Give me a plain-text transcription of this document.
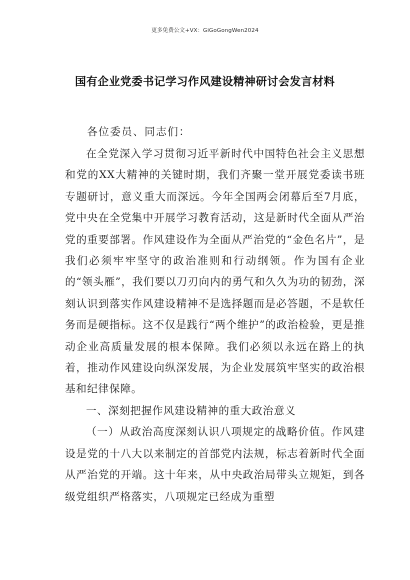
更多免费公文+VX：GiGoGongWen2024
国有企业党委书记学习作风建设精神研讨会发言材料
各位委员、同志们：

在全党深入学习贯彻习近平新时代中国特色社会主义思想和党的XX大精神的关键时期，我们齐聚一堂开展党委读书班专题研讨，意义重大而深远。今年全国两会闭幕后至7月底，党中央在全党集中开展学习教育活动，这是新时代全面从严治党的重要部署。作风建设作为全面从严治党的“金色名片”，是我们必须牢牢坚守的政治准则和行动纲领。作为国有企业的“领头雁”，我们要以刀刃向内的勇气和久久为功的韧劲，深刻认识到落实作风建设精神不是选择题而是必答题，不是软任务而是硬指标。这不仅是践行“两个维护”的政治检验，更是推动企业高质量发展的根本保障。我们必须以永远在路上的执着，推动作风建设向纵深发展，为企业发展筑牢坚实的政治根基和纪律保障。

一、深刻把握作风建设精神的重大政治意义

（一）从政治高度深刻认识八项规定的战略价值。作风建设是党的十八大以来制定的首部党内法规，标志着新时代全面从严治党的开端。这十年来，从中央政治局带头立规矩，到各级党组织严格落实，八项规定已经成为重塑
